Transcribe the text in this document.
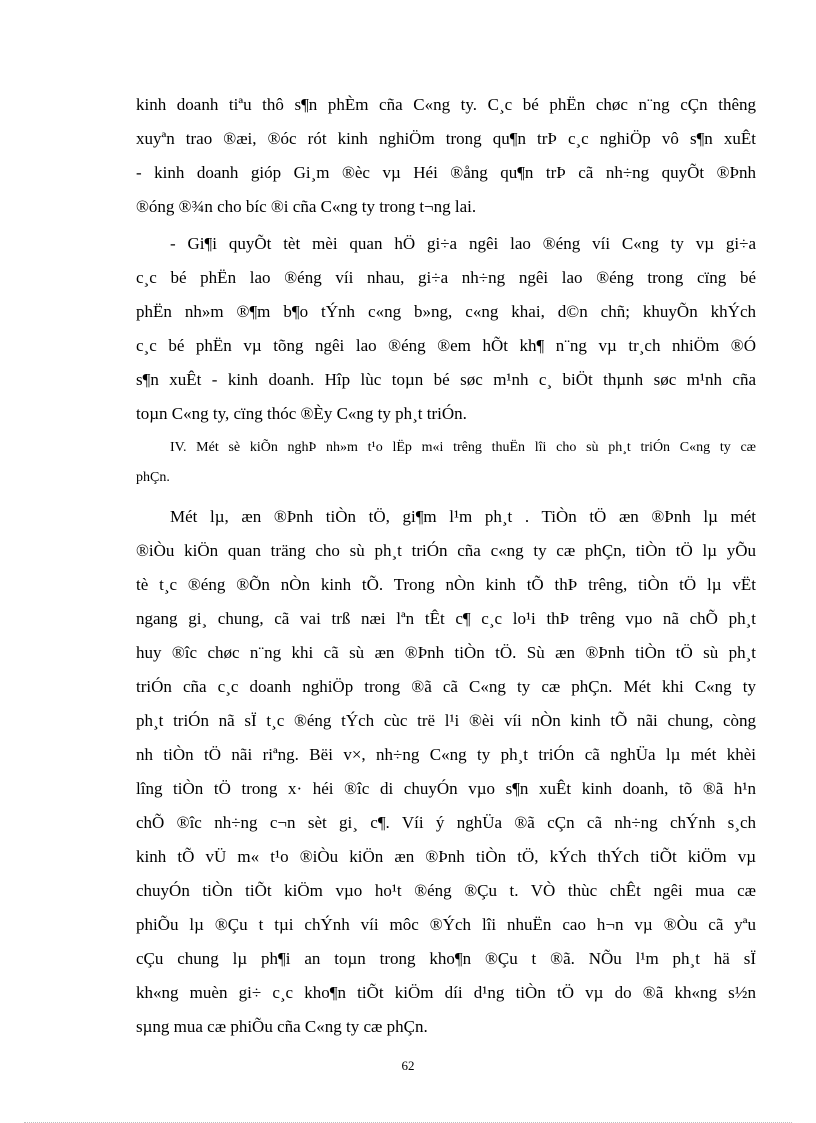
kinh doanh tiªu thô s¶n phÈm cña C«ng ty. C¸c bé phËn chøc n¨ng cÇn thêng
xuyªn trao ®æi, ®óc rót kinh nghiÖm trong qu¶n trÞ c¸c nghiÖp vô s¶n xuÊt
- kinh doanh gióp Gi¸m ®èc vµ Héi ®ång qu¶n trÞ cã nh÷ng quyÕt ®Þnh
®óng ®¾n cho bíc ®i cña C«ng ty trong t¬ng lai.
- Gi¶i quyÕt tèt mèi quan hÖ gi÷a ngêi lao ®éng víi C«ng ty vµ gi÷a
c¸c bé phËn lao ®éng víi nhau, gi÷a nh÷ng ngêi lao ®éng trong cïng bé
phËn nh»m ®¶m b¶o tÝnh c«ng b»ng, c«ng khai, d©n chñ; khuyÕn khÝch
c¸c bé phËn vµ tõng ngêi lao ®éng ®em hÕt kh¶ n¨ng vµ tr¸ch nhiÖm ®Ó
s¶n xuÊt - kinh doanh. Hîp lùc toµn bé søc m¹nh c¸ biÖt thµnh søc m¹nh cña
toµn C«ng ty, cïng thóc ®Èy C«ng ty ph¸t triÓn.
IV. Mét sè kiÕn nghÞ nh»m t¹o lËp m«i trêng thuËn lîi cho sù ph¸t triÓn C«ng ty cæ
phÇn.
Mét lµ, æn ®Þnh tiÒn tÖ, gi¶m l¹m ph¸t . TiÒn tÖ æn ®Þnh lµ mét
®iÒu kiÖn quan träng cho sù ph¸t triÓn cña c«ng ty cæ phÇn, tiÒn tÖ lµ yÕu
tè t¸c ®éng ®Õn nÒn kinh tÕ. Trong nÒn kinh tÕ thÞ trêng, tiÒn tÖ lµ vËt
ngang gi¸ chung, cã vai trß næi lªn tÊt c¶ c¸c lo¹i thÞ trêng vµo nã chÕ ph¸t
huy ®îc chøc n¨ng khi cã sù æn ®Þnh tiÒn tÖ. Sù æn ®Þnh tiÒn tÖ sù ph¸t
triÓn cña c¸c doanh nghiÖp trong ®ã cã C«ng ty cæ phÇn. Mét khi C«ng ty
ph¸t triÓn nã sÏ t¸c ®éng tÝch cùc trë l¹i ®èi víi nÒn kinh tÕ nãi chung, còng
nh tiÒn tÖ nãi riªng. Bëi v×, nh÷ng C«ng ty ph¸t triÓn cã nghÜa lµ mét khèi
lîng tiÒn tÖ trong x· héi ®îc di chuyÓn vµo s¶n xuÊt kinh doanh, tõ ®ã h¹n
chÕ ®îc nh÷ng c¬n sèt gi¸ c¶. Víi ý nghÜa ®ã cÇn cã nh÷ng chÝnh s¸ch
kinh tÕ vÜ m« t¹o ®iÒu kiÖn æn ®Þnh tiÒn tÖ, kÝch thÝch tiÕt kiÖm vµ
chuyÓn tiÒn tiÕt kiÖm vµo ho¹t ®éng ®Çu t. VÒ thùc chÊt ngêi mua cæ
phiÕu lµ ®Çu t tµi chÝnh víi môc ®Ých lîi nhuËn cao h¬n vµ ®Òu cã yªu
cÇu chung lµ ph¶i an toµn trong kho¶n ®Çu t ®ã. NÕu l¹m ph¸t hä sÏ
kh«ng muèn gi÷ c¸c kho¶n tiÕt kiÖm díi d¹ng tiÒn tÖ vµ do ®ã kh«ng s½n
sµng mua cæ phiÕu cña C«ng ty cæ phÇn.
62
